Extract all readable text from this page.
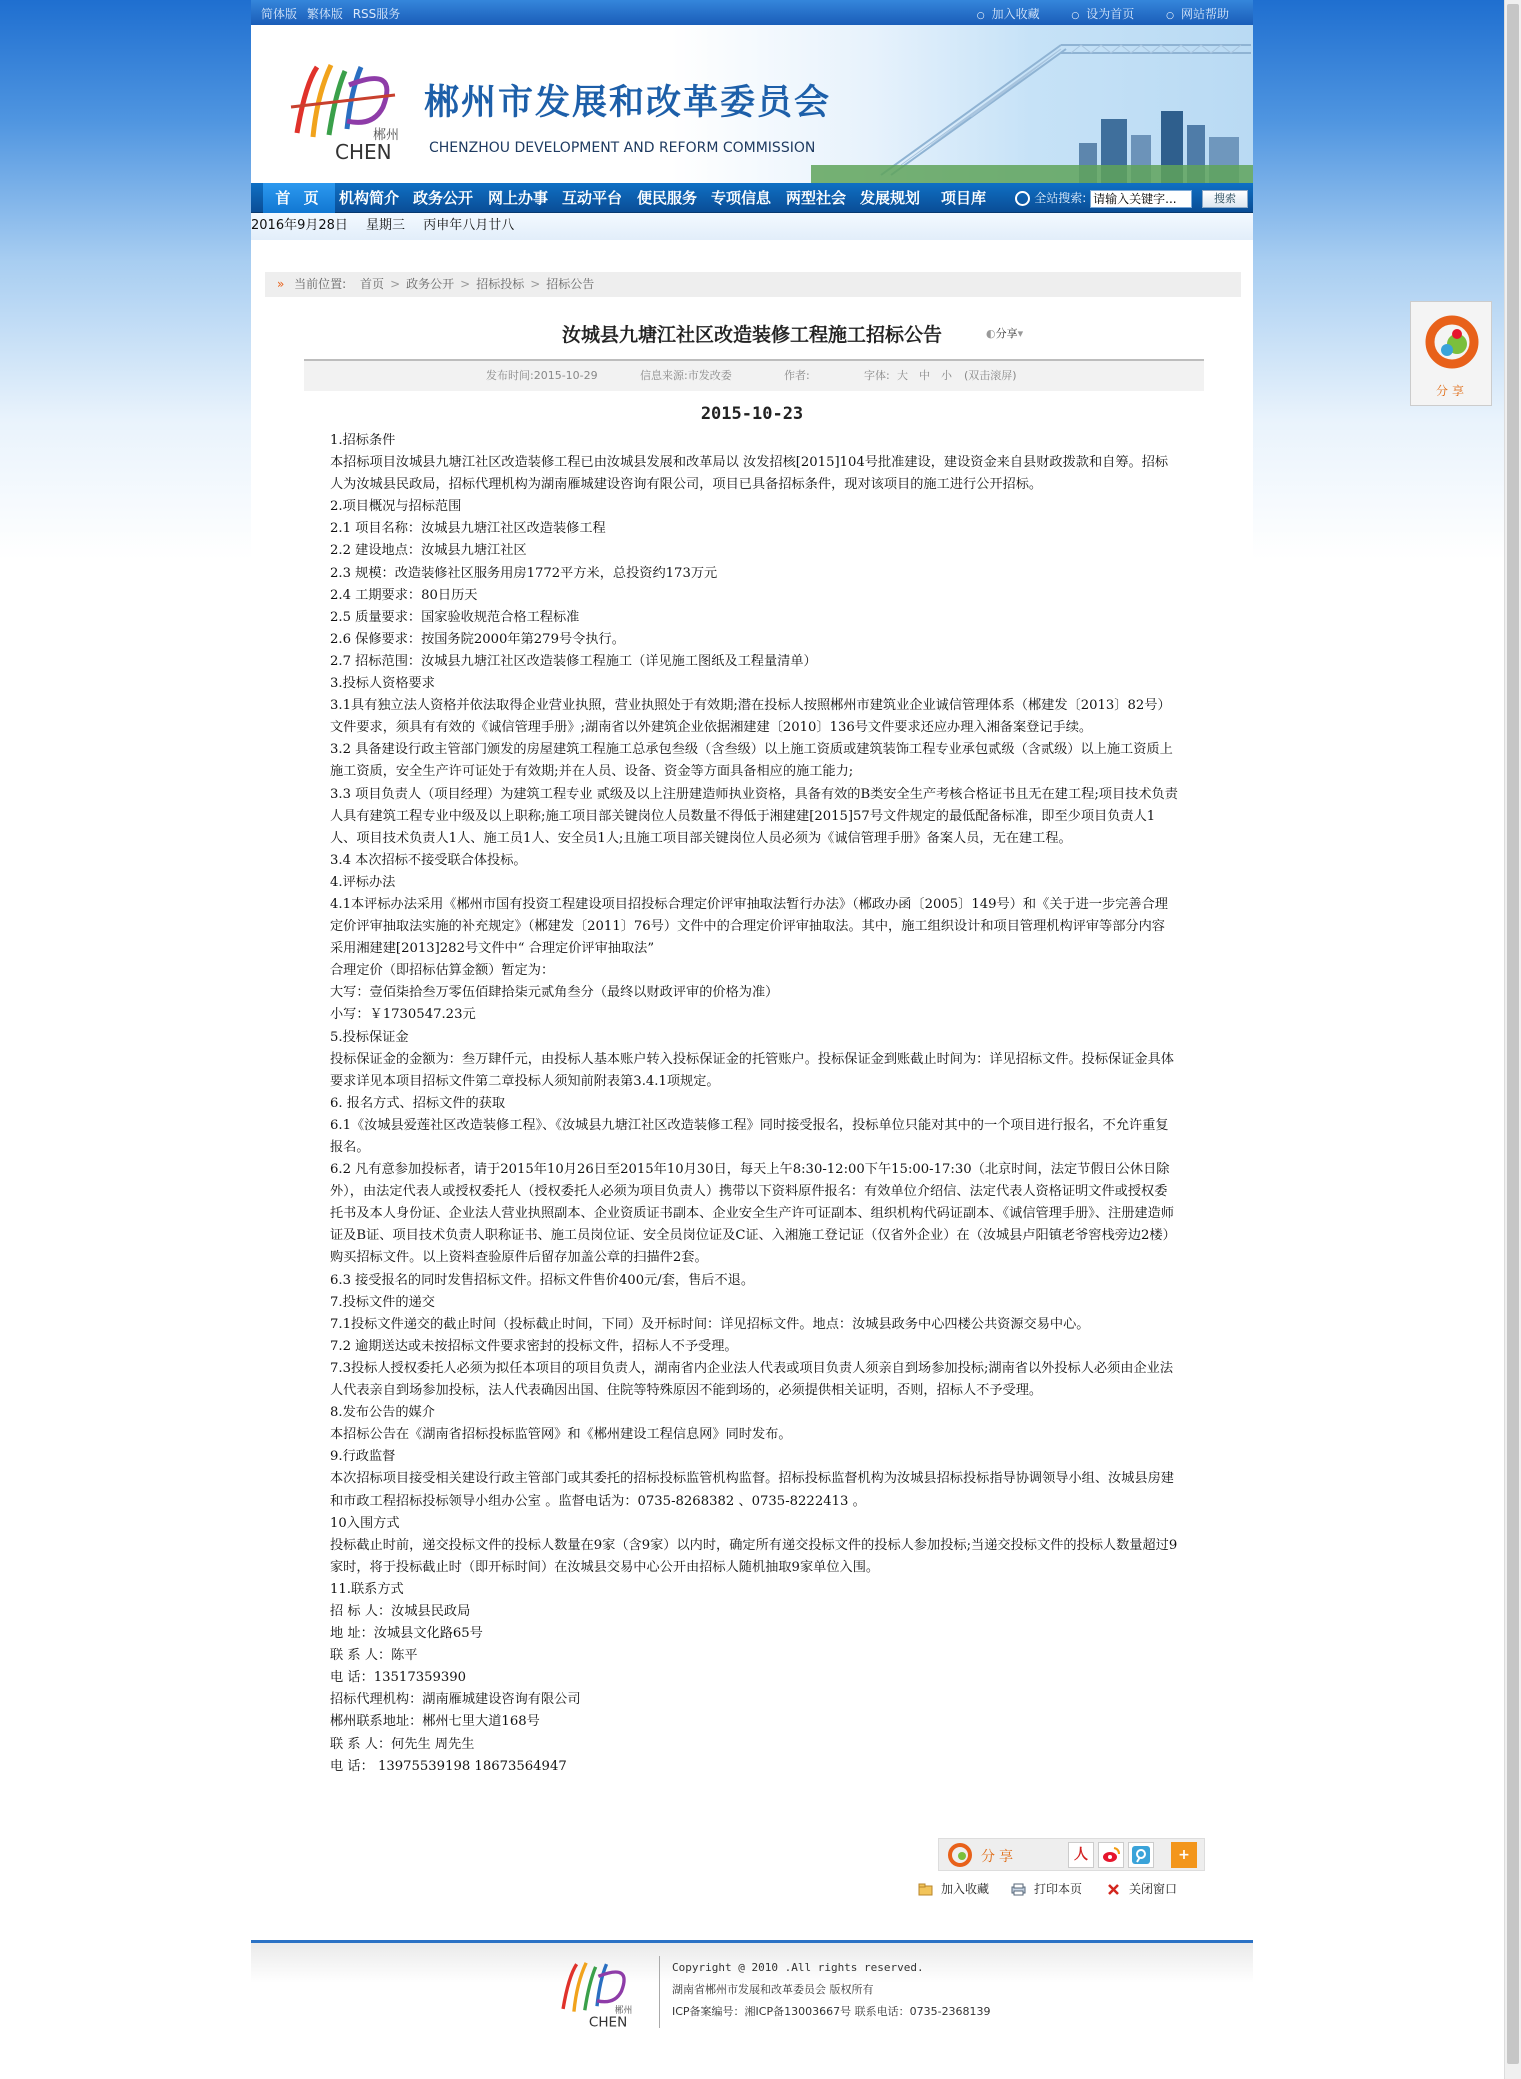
简体版 繁体版 RSS服务	○ 加入收藏	○ 设为首页	○ 网站帮助
郴州
CHEN
郴州市发展和改革委员会
CHENZHOU DEVELOPMENT AND REFORM COMMISSION
首 页	机构简介 政务公开 网上办事 互动平台 便民服务 专项信息 两型社会 发展规划 项目库	全站搜索: 请输入关键字...	搜索
2016年9月28日 星期三 丙申年八月廿八
» 当前位置: 首页 > 政务公开 > 招标投标 > 招标公告
汝城县九塘江社区改造装修工程施工招标公告	◐分享▾
发布时间:2015-10-29	信息来源:市发改委	作者:	字体: 大 中 小 (双击滚屏)
2015-10-23

1.招标条件

本招标项目汝城县九塘江社区改造装修工程已由汝城县发展和改革局以 汝发招核[2015]104号批准建设，建设资金来自县财政拨款和自筹。招标人为汝城县民政局，招标代理机构为湖南雁城建设咨询有限公司，项目已具备招标条件，现对该项目的施工进行公开招标。

2.项目概况与招标范围

2.1 项目名称：汝城县九塘江社区改造装修工程

2.2 建设地点：汝城县九塘江社区

2.3 规模：改造装修社区服务用房1772平方米，总投资约173万元

2.4 工期要求：80日历天

2.5 质量要求：国家验收规范合格工程标准

2.6 保修要求：按国务院2000年第279号令执行。

2.7 招标范围：汝城县九塘江社区改造装修工程施工（详见施工图纸及工程量清单）

3.投标人资格要求

3.1具有独立法人资格并依法取得企业营业执照，营业执照处于有效期;潜在投标人按照郴州市建筑业企业诚信管理体系（郴建发〔2013〕82号）文件要求，须具有有效的《诚信管理手册》;湖南省以外建筑企业依据湘建建〔2010〕136号文件要求还应办理入湘备案登记手续。

3.2 具备建设行政主管部门颁发的房屋建筑工程施工总承包叁级（含叁级）以上施工资质或建筑装饰工程专业承包贰级（含贰级）以上施工资质上施工资质，安全生产许可证处于有效期;并在人员、设备、资金等方面具备相应的施工能力;

3.3 项目负责人（项目经理）为建筑工程专业 贰级及以上注册建造师执业资格，具备有效的B类安全生产考核合格证书且无在建工程;项目技术负责人具有建筑工程专业中级及以上职称;施工项目部关键岗位人员数量不得低于湘建建[2015]57号文件规定的最低配备标准，即至少项目负责人1人、项目技术负责人1人、施工员1人、安全员1人;且施工项目部关键岗位人员必须为《诚信管理手册》备案人员，无在建工程。

3.4 本次招标不接受联合体投标。

4.评标办法

4.1本评标办法采用《郴州市国有投资工程建设项目招投标合理定价评审抽取法暂行办法》（郴政办函〔2005〕149号）和《关于进一步完善合理定价评审抽取法实施的补充规定》（郴建发〔2011〕76号）文件中的合理定价评审抽取法。其中，施工组织设计和项目管理机构评审等部分内容采用湘建建[2013]282号文件中“ 合理定价评审抽取法”

合理定价（即招标估算金额）暂定为：

大写：壹佰柒拾叁万零伍佰肆拾柒元贰角叁分（最终以财政评审的价格为准）

小写：￥1730547.23元

5.投标保证金

投标保证金的金额为：叁万肆仟元，由投标人基本账户转入投标保证金的托管账户。投标保证金到账截止时间为：详见招标文件。投标保证金具体要求详见本项目招标文件第二章投标人须知前附表第3.4.1项规定。

6. 报名方式、招标文件的获取

6.1《汝城县爱莲社区改造装修工程》、《汝城县九塘江社区改造装修工程》同时接受报名，投标单位只能对其中的一个项目进行报名，不允许重复报名。

6.2 凡有意参加投标者，请于2015年10月26日至2015年10月30日，每天上午8:30-12:00下午15:00-17:30（北京时间，法定节假日公休日除外），由法定代表人或授权委托人（授权委托人必须为项目负责人）携带以下资料原件报名：有效单位介绍信、法定代表人资格证明文件或授权委托书及本人身份证、企业法人营业执照副本、企业资质证书副本、企业安全生产许可证副本、组织机构代码证副本、《诚信管理手册》、注册建造师证及B证、项目技术负责人职称证书、施工员岗位证、安全员岗位证及C证、入湘施工登记证（仅省外企业）在（汝城县卢阳镇老爷窖栈旁边2楼）购买招标文件。以上资料查验原件后留存加盖公章的扫描件2套。

6.3 接受报名的同时发售招标文件。招标文件售价400元/套，售后不退。

7.投标文件的递交

7.1投标文件递交的截止时间（投标截止时间，下同）及开标时间：详见招标文件。地点：汝城县政务中心四楼公共资源交易中心。

7.2 逾期送达或未按招标文件要求密封的投标文件，招标人不予受理。

7.3投标人授权委托人必须为拟任本项目的项目负责人，湖南省内企业法人代表或项目负责人须亲自到场参加投标;湖南省以外投标人必须由企业法人代表亲自到场参加投标，法人代表确因出国、住院等特殊原因不能到场的，必须提供相关证明，否则，招标人不予受理。

8.发布公告的媒介

本招标公告在《湖南省招标投标监管网》和《郴州建设工程信息网》同时发布。

9.行政监督

本次招标项目接受相关建设行政主管部门或其委托的招标投标监管机构监督。招标投标监督机构为汝城县招标投标指导协调领导小组、汝城县房建和市政工程招标投标领导小组办公室 。监督电话为：0735-8268382 、0735-8222413 。

10入围方式

投标截止时前，递交投标文件的投标人数量在9家（含9家）以内时，确定所有递交投标文件的投标人参加投标;当递交投标文件的投标人数量超过9家时，将于投标截止时（即开标时间）在汝城县交易中心公开由招标人随机抽取9家单位入围。

11.联系方式

招 标 人：汝城县民政局

地 址：汝城县文化路65号

联 系 人：陈平

电 话：13517359390

招标代理机构：湖南雁城建设咨询有限公司

郴州联系地址：郴州七里大道168号

联 系 人：何先生 周先生

电 话： 13975539198 18673564947

分享	人	+
加入收藏	打印本页	关闭窗口
郴州
CHEN
Copyright @ 2010 .All rights reserved.
湖南省郴州市发展和改革委员会 版权所有
ICP备案编号：湘ICP备13003667号 联系电话：0735-2368139
分享
